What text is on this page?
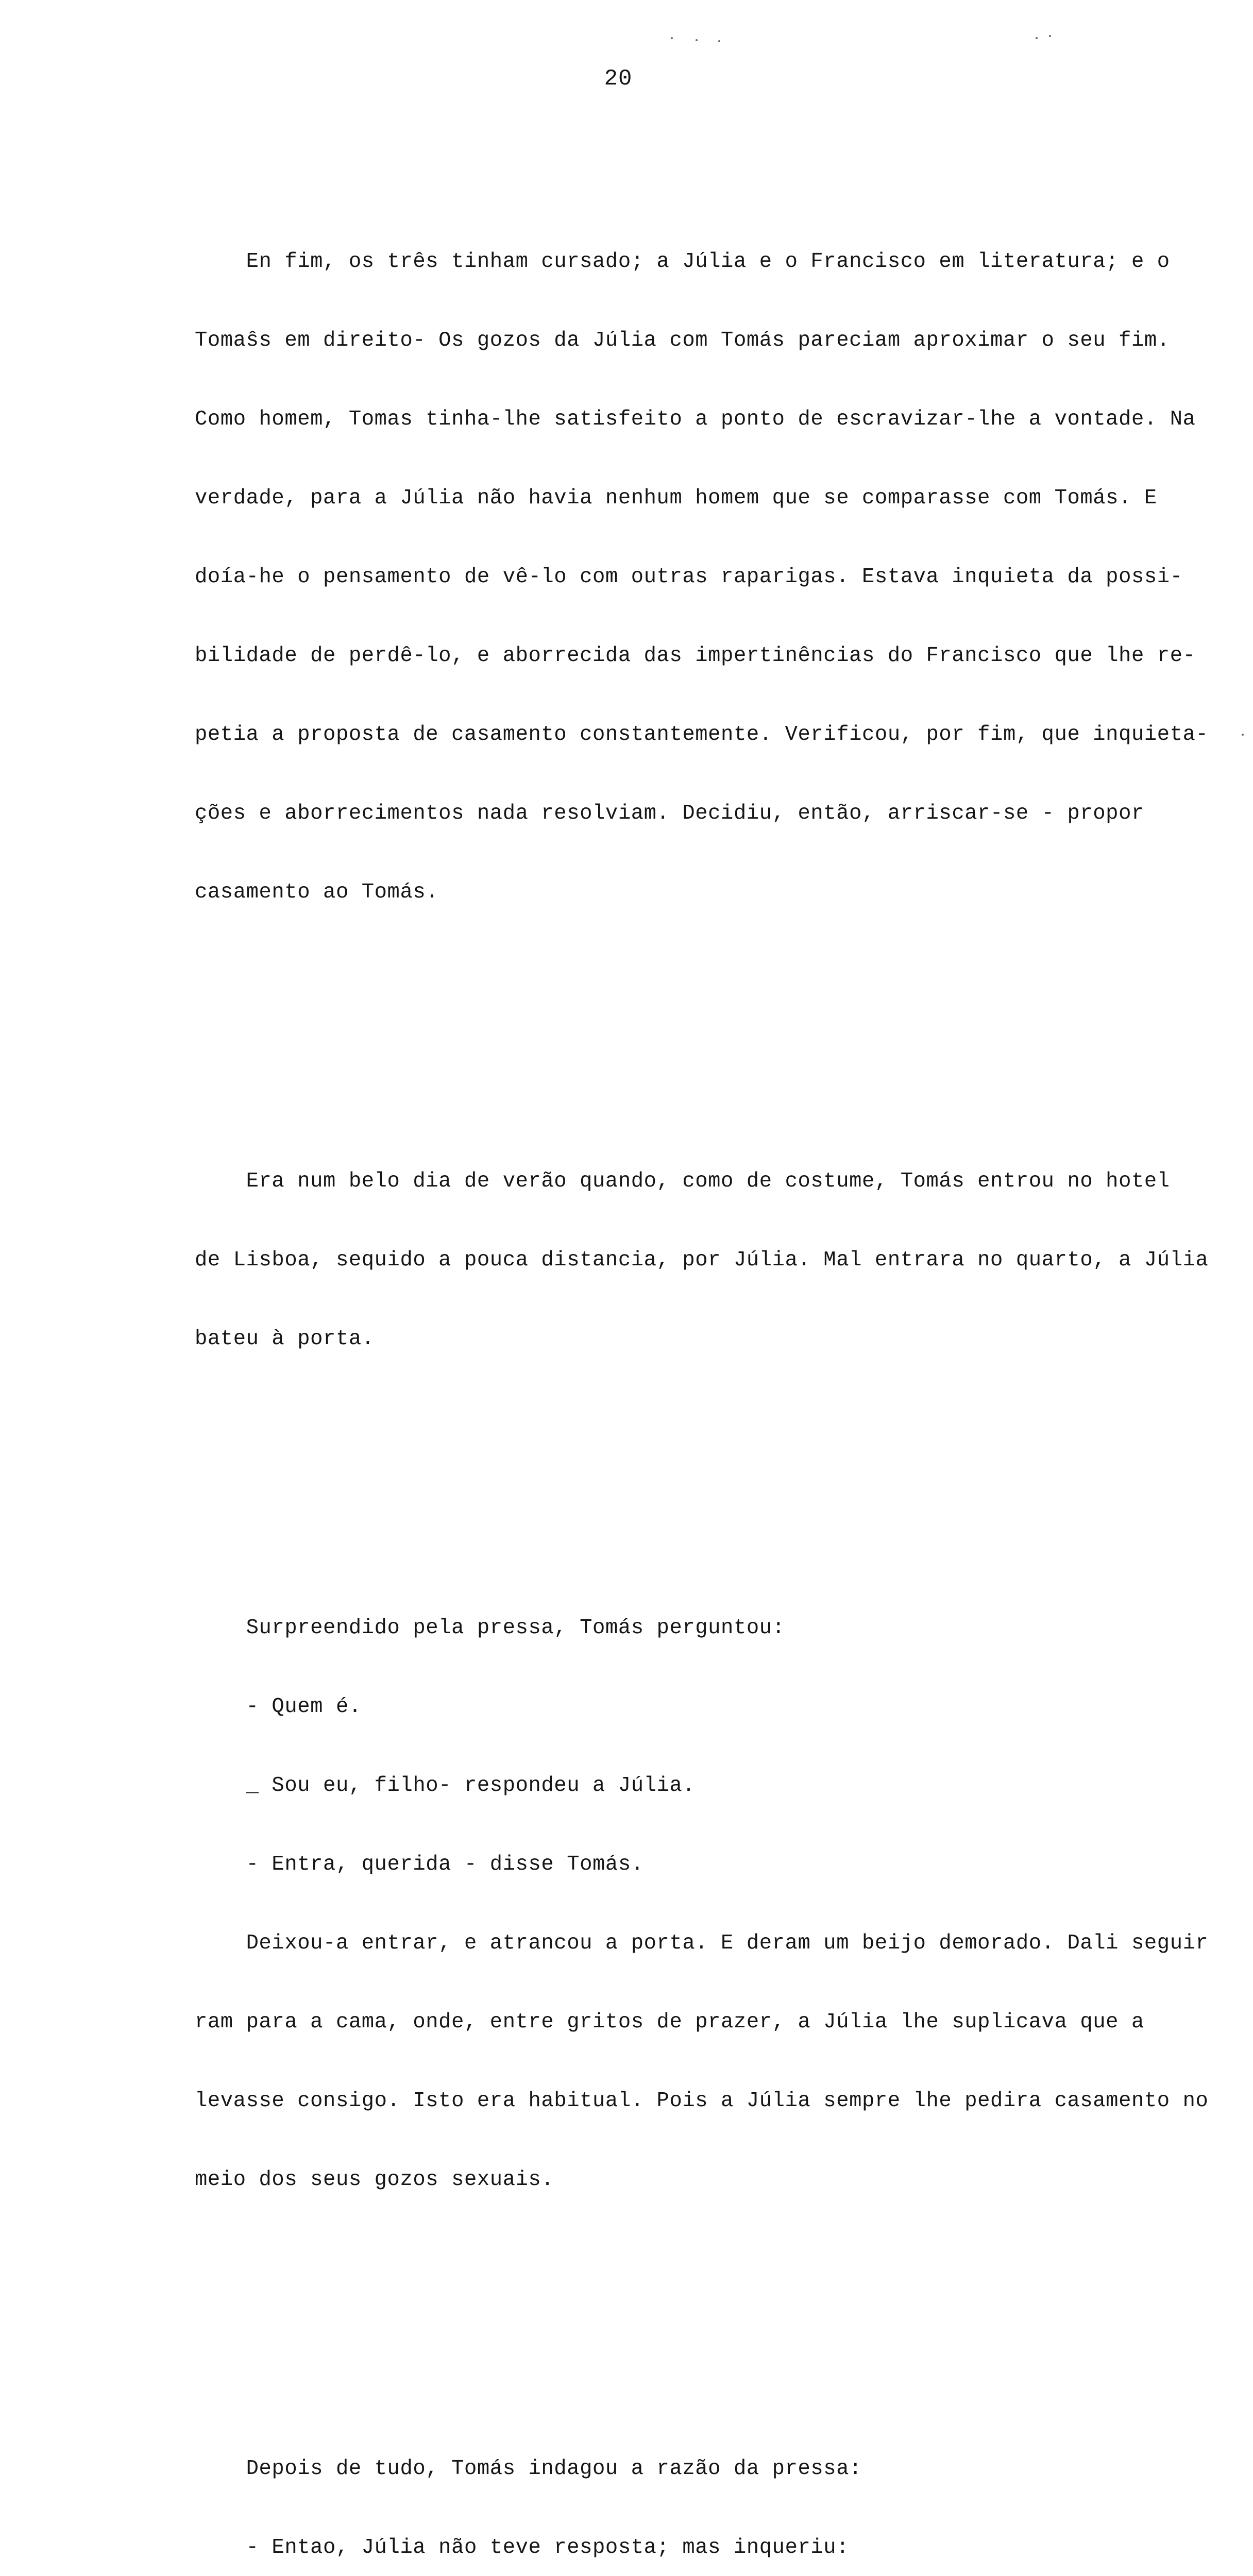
20

En fim, os três tinham cursado; a Júlia e o Francisco em literatura; e o

Tomaŝs em direito- Os gozos da Júlia com Tomás pareciam aproximar o seu fim.

Como homem, Tomas tinha-lhe satisfeito a ponto de escravizar-lhe a vontade. Na

verdade, para a Júlia não havia nenhum homem que se comparasse com Tomás. E

doía-he o pensamento de vê-lo com outras raparigas. Estava inquieta da possi-

bilidade de perdê-lo, e aborrecida das impertinências do Francisco que lhe re-

petia a proposta de casamento constantemente. Verificou, por fim, que inquieta-

ções e aborrecimentos nada resolviam. Decidiu, então, arriscar-se - propor

casamento ao Tomás.

Era num belo dia de verão quando, como de costume, Tomás entrou no hotel

de Lisboa, sequido a pouca distancia, por Júlia. Mal entrara no quarto, a Júlia

bateu à porta.

Surpreendido pela pressa, Tomás perguntou:

- Quem é.

_ Sou eu, filho- respondeu a Júlia.

- Entra, querida - disse Tomás.

Deixou-a entrar, e atrancou a porta. E deram um beijo demorado. Dali seguir

ram para a cama, onde, entre gritos de prazer, a Júlia lhe suplicava que a

levasse consigo. Isto era habitual. Pois a Júlia sempre lhe pedira casamento no

meio dos seus gozos sexuais.

Depois de tudo, Tomás indagou a razão da pressa:

- Entao, Júlia não teve resposta; mas inqueriu:
